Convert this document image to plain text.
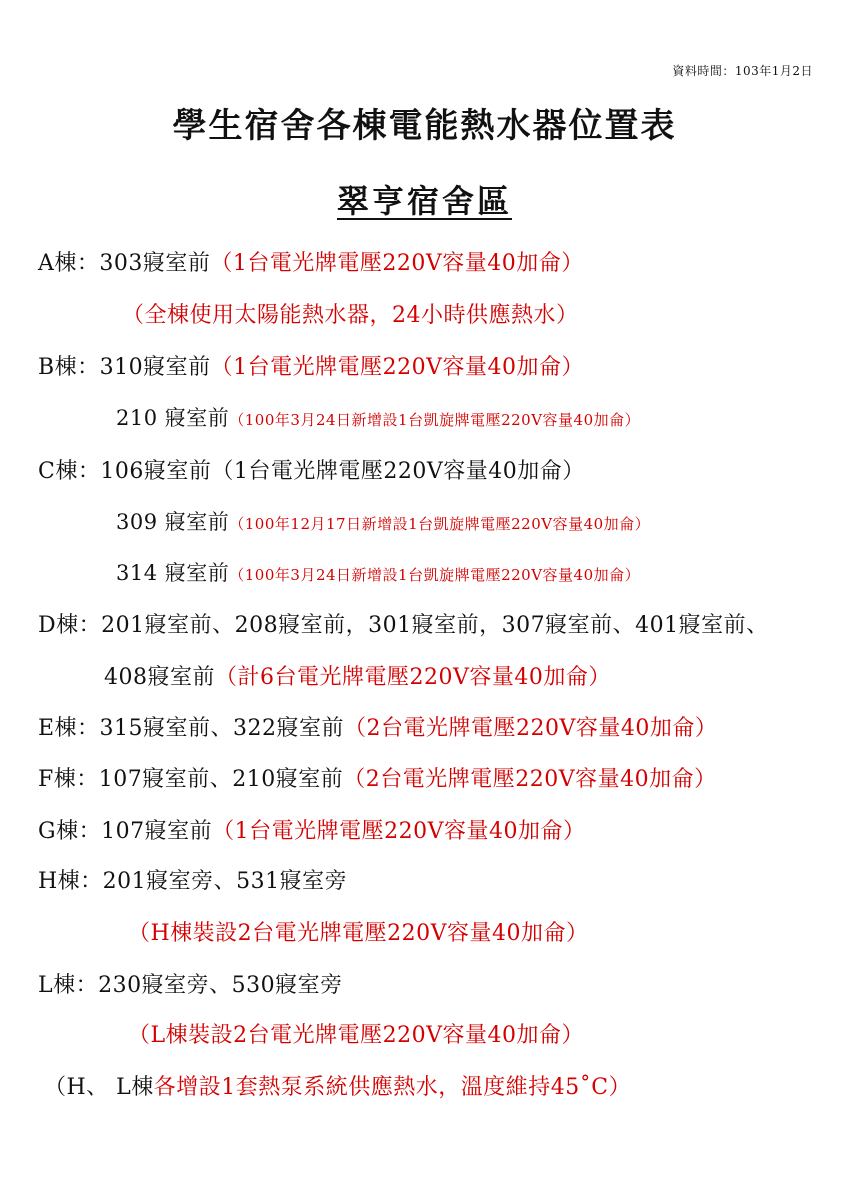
資料時間：103年1月2日
學生宿舍各棟電能熱水器位置表
翠亨宿舍區
A棟：303寢室前（1台電光牌電壓220V容量40加侖）
（全棟使用太陽能熱水器，24小時供應熱水）
B棟：310寢室前（1台電光牌電壓220V容量40加侖）
210 寢室前（100年3月24日新增設1台凱旋牌電壓220V容量40加侖）
C棟：106寢室前（1台電光牌電壓220V容量40加侖）
309 寢室前（100年12月17日新增設1台凱旋牌電壓220V容量40加侖）
314 寢室前（100年3月24日新增設1台凱旋牌電壓220V容量40加侖）
D棟：201寢室前、208寢室前，301寢室前，307寢室前、401寢室前、
408寢室前（計6台電光牌電壓220V容量40加侖）
E棟：315寢室前、322寢室前（2台電光牌電壓220V容量40加侖）
F棟：107寢室前、210寢室前（2台電光牌電壓220V容量40加侖）
G棟：107寢室前（1台電光牌電壓220V容量40加侖）
H棟：201寢室旁、531寢室旁
（H棟裝設2台電光牌電壓220V容量40加侖）
L棟：230寢室旁、530寢室旁
（L棟裝設2台電光牌電壓220V容量40加侖）
（H、 L棟各增設1套熱泵系統供應熱水，溫度維持45˚C）
